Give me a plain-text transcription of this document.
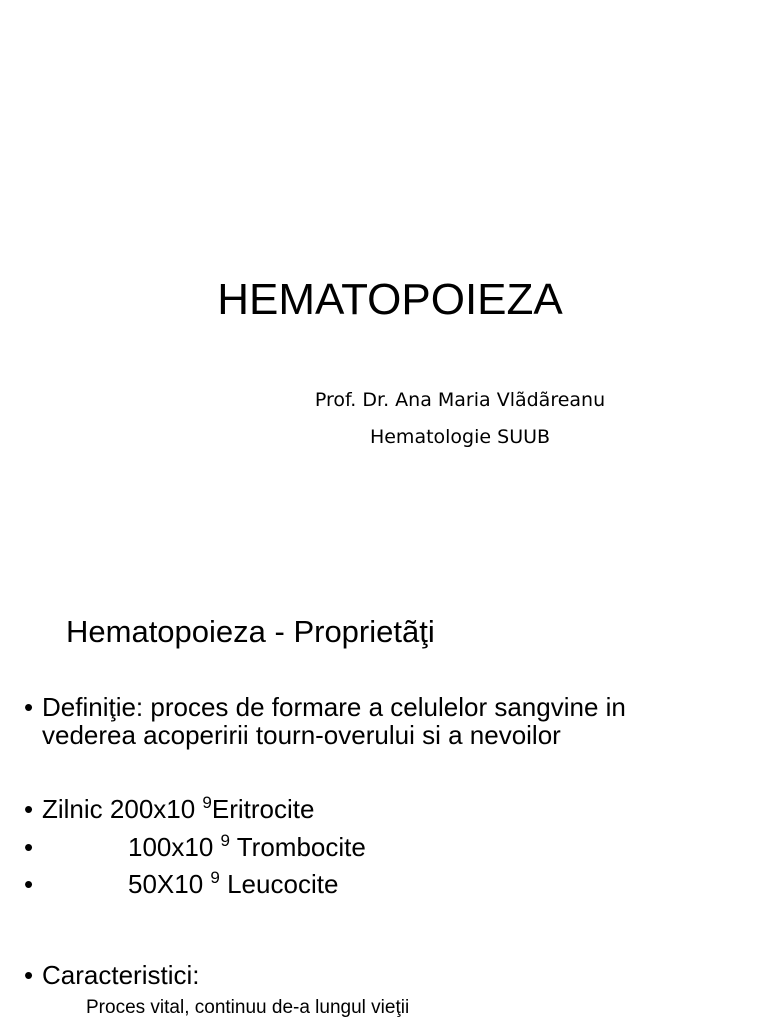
HEMATOPOIEZA
Prof. Dr. Ana Maria Vlãdãreanu
Hematologie SUUB
Hematopoieza - Proprietãţi
• Definiţie: proces de formare a celulelor sangvine in
vederea acoperirii tourn-overului si a nevoilor
• Zilnic 200x10 $^9$Eritrocite
•	100x10 $^9$ Trombocite
•	50X10 $^9$ Leucocite
• Caracteristici:
Proces vital, continuu de-a lungul vieţii
